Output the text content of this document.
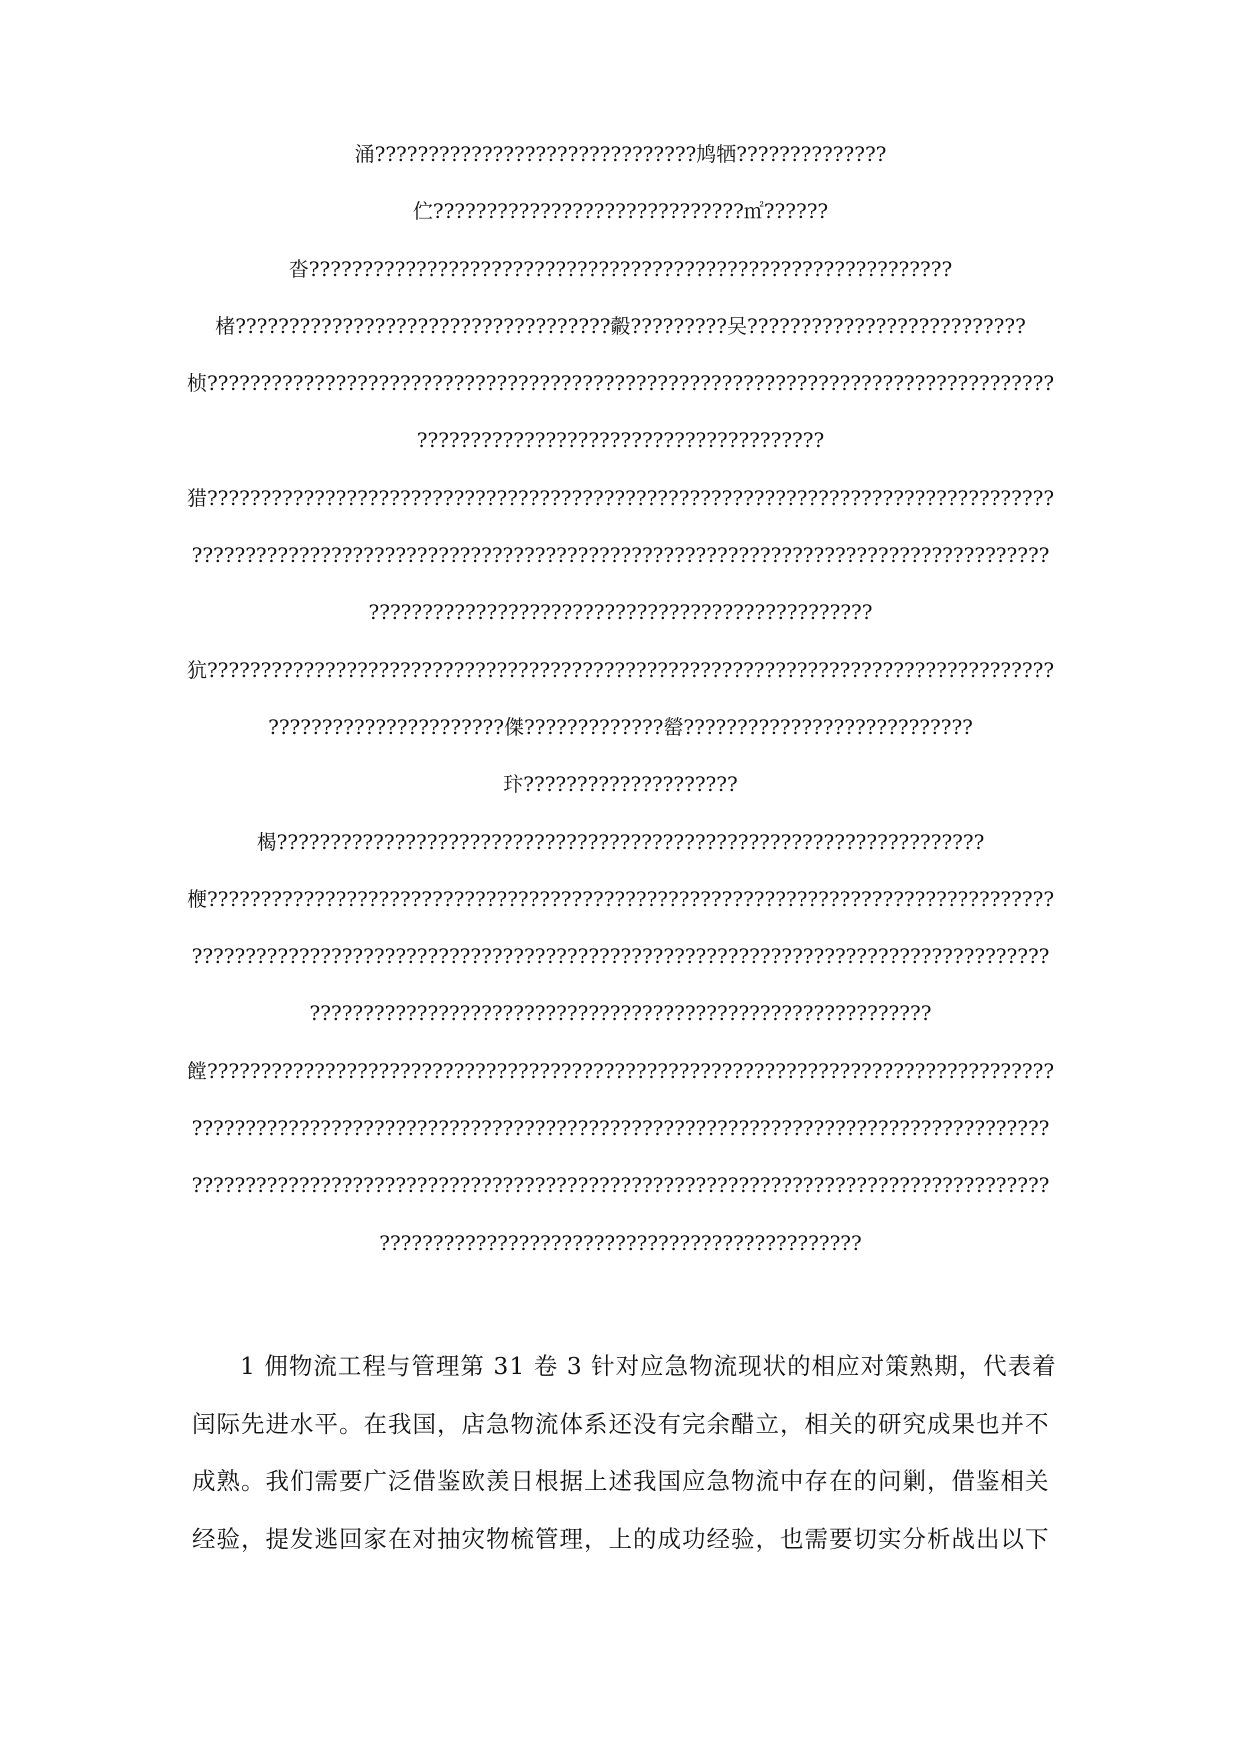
涌??????????????????????????????鸠牺??????????????
伫?????????????????????????????㎡??????
沓????????????????????????????????????????????????????????????
楮???????????????????????????????????㲉?????????㕦??????????????????????????
桢???????????????????????????????????????????????????????????????????????????????
??????????????????????????????????????
猎???????????????????????????????????????????????????????????????????????????????
????????????????????????????????????????????????????????????????????????????????
???????????????????????????????????????????????
犺???????????????????????????????????????????????????????????????????????????????
??????????????????????傑?????????????罃???????????????????????????
玣????????????????????
楬??????????????????????????????????????????????????????????????????
楩???????????????????????????????????????????????????????????????????????????????
????????????????????????????????????????????????????????????????????????????????
??????????????????????????????????????????????????????????
饄???????????????????????????????????????????????????????????????????????????????
????????????????????????????????????????????????????????????????????????????????
????????????????????????????????????????????????????????????????????????????????
?????????????????????????????????????????????
1 佣物流工程与管理第 31 卷 3 针对应急物流现状的相应对策熟期，代表着
闰际先进水平。在我国，店急物流体系还没有完余醋立，相关的研究成果也并不
成熟。我们需要广泛借鉴欧羡日根据上述我国应急物流中存在的问剿，借鉴相关
经验，提发逃回家在对抽灾物梳管理，上的成功经验，也需要切实分析战出以下
